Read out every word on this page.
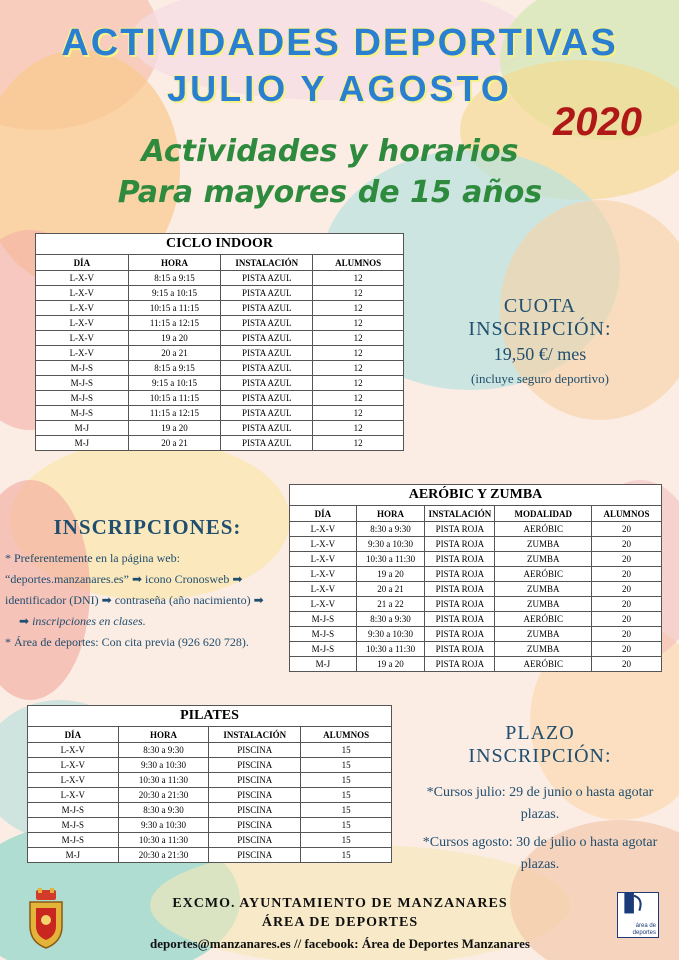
ACTIVIDADES DEPORTIVAS
JULIO Y AGOSTO
2020
Actividades y horarios
Para mayores de 15 años
CICLO INDOOR			
DÍA	HORA	INSTALACIÓN	ALUMNOS
L-X-V	8:15 a 9:15	PISTA AZUL	12
L-X-V	9:15 a 10:15	PISTA AZUL	12
L-X-V	10:15 a 11:15	PISTA AZUL	12
L-X-V	11:15 a 12:15	PISTA AZUL	12
L-X-V	19 a 20	PISTA AZUL	12
L-X-V	20 a 21	PISTA AZUL	12
M-J-S	8:15 a 9:15	PISTA AZUL	12
M-J-S	9:15 a 10:15	PISTA AZUL	12
M-J-S	10:15 a 11:15	PISTA AZUL	12
M-J-S	11:15 a 12:15	PISTA AZUL	12
M-J	19 a 20	PISTA AZUL	12
M-J	20 a 21	PISTA AZUL	12
AERÓBIC Y ZUMBA				
DÍA	HORA	INSTALACIÓN	MODALIDAD	ALUMNOS
L-X-V	8:30 a 9:30	PISTA ROJA	AERÓBIC	20
L-X-V	9:30 a 10:30	PISTA ROJA	ZUMBA	20
L-X-V	10:30 a 11:30	PISTA ROJA	ZUMBA	20
L-X-V	19 a 20	PISTA ROJA	AERÓBIC	20
L-X-V	20 a 21	PISTA ROJA	ZUMBA	20
L-X-V	21 a 22	PISTA ROJA	ZUMBA	20
M-J-S	8:30 a 9:30	PISTA ROJA	AERÓBIC	20
M-J-S	9:30 a 10:30	PISTA ROJA	ZUMBA	20
M-J-S	10:30 a 11:30	PISTA ROJA	ZUMBA	20
M-J	19 a 20	PISTA ROJA	AERÓBIC	20
PILATES			
DÍA	HORA	INSTALACIÓN	ALUMNOS
L-X-V	8:30 a 9:30	PISCINA	15
L-X-V	9:30 a 10:30	PISCINA	15
L-X-V	10:30 a 11:30	PISCINA	15
L-X-V	20:30 a 21:30	PISCINA	15
M-J-S	8:30 a 9:30	PISCINA	15
M-J-S	9:30 a 10:30	PISCINA	15
M-J-S	10:30 a 11:30	PISCINA	15
M-J	20:30 a 21:30	PISCINA	15
CUOTA
INSCRIPCIÓN:
19,50 €/ mes
(incluye seguro deportivo)
INSCRIPCIONES:
* Preferentemente en la página web:
“deportes.manzanares.es” ➡ icono Cronosweb ➡
identificador (DNI) ➡ contraseña (año nacimiento) ➡
➡ inscripciones en clases.
* Área de deportes: Con cita previa (926 620 728).
PLAZO
INSCRIPCIÓN:
*Cursos julio: 29 de junio o hasta agotar plazas.
*Cursos agosto: 30 de julio o hasta agotar plazas.
área de deportes
EXCMO. AYUNTAMIENTO DE MANZANARES
ÁREA DE DEPORTES
deportes@manzanares.es // facebook: Área de Deportes Manzanares
